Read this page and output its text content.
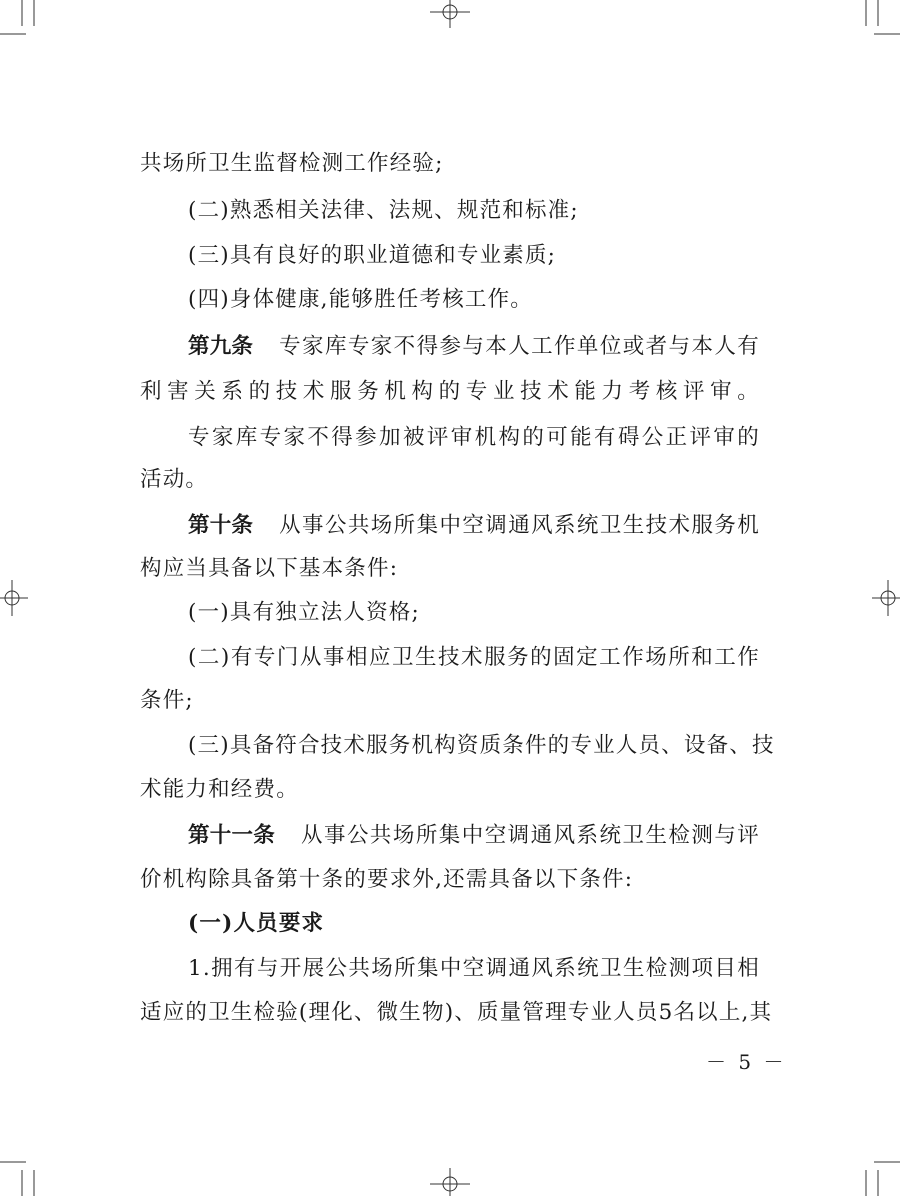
共场所卫生监督检测工作经验;
(二)熟悉相关法律、法规、规范和标准;
(三)具有良好的职业道德和专业素质;
(四)身体健康,能够胜任考核工作。
第九条 专家库专家不得参与本人工作单位或者与本人有
利害关系的技术服务机构的专业技术能力考核评审。
专家库专家不得参加被评审机构的可能有碍公正评审的
活动。
第十条 从事公共场所集中空调通风系统卫生技术服务机
构应当具备以下基本条件:
(一)具有独立法人资格;
(二)有专门从事相应卫生技术服务的固定工作场所和工作
条件;
(三)具备符合技术服务机构资质条件的专业人员、设备、技
术能力和经费。
第十一条 从事公共场所集中空调通风系统卫生检测与评
价机构除具备第十条的要求外,还需具备以下条件:
(一)人员要求
1.拥有与开展公共场所集中空调通风系统卫生检测项目相
适应的卫生检验(理化、微生物)、质量管理专业人员5名以上,其
－ 5 －
